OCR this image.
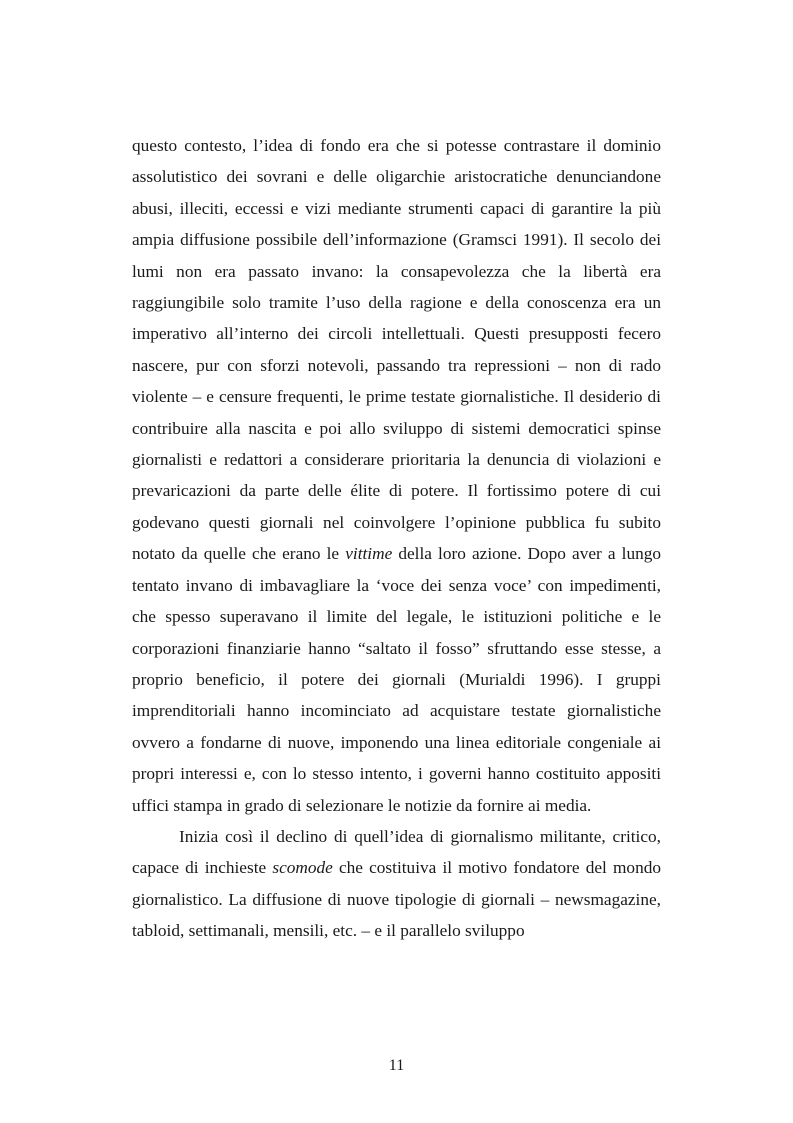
questo contesto, l’idea di fondo era che si potesse contrastare il dominio assolutistico dei sovrani e delle oligarchie aristocratiche denunciandone abusi, illeciti, eccessi e vizi mediante strumenti capaci di garantire la più ampia diffusione possibile dell’informazione (Gramsci 1991). Il secolo dei lumi non era passato invano: la consapevolezza che la libertà era raggiungibile solo tramite l’uso della ragione e della conoscenza era un imperativo all’interno dei circoli intellettuali. Questi presupposti fecero nascere, pur con sforzi notevoli, passando tra repressioni – non di rado violente – e censure frequenti, le prime testate giornalistiche. Il desiderio di contribuire alla nascita e poi allo sviluppo di sistemi democratici spinse giornalisti e redattori a considerare prioritaria la denuncia di violazioni e prevaricazioni da parte delle élite di potere. Il fortissimo potere di cui godevano questi giornali nel coinvolgere l’opinione pubblica fu subito notato da quelle che erano le vittime della loro azione. Dopo aver a lungo tentato invano di imbavagliare la ‘voce dei senza voce’ con impedimenti, che spesso superavano il limite del legale, le istituzioni politiche e le corporazioni finanziarie hanno “saltato il fosso” sfruttando esse stesse, a proprio beneficio, il potere dei giornali (Murialdi 1996). I gruppi imprenditoriali hanno incominciato ad acquistare testate giornalistiche ovvero a fondarne di nuove, imponendo una linea editoriale congeniale ai propri interessi e, con lo stesso intento, i governi hanno costituito appositi uffici stampa in grado di selezionare le notizie da fornire ai media.

Inizia così il declino di quell’idea di giornalismo militante, critico, capace di inchieste scomode che costituiva il motivo fondatore del mondo giornalistico. La diffusione di nuove tipologie di giornali – newsmagazine, tabloid, settimanali, mensili, etc. – e il parallelo sviluppo

11
